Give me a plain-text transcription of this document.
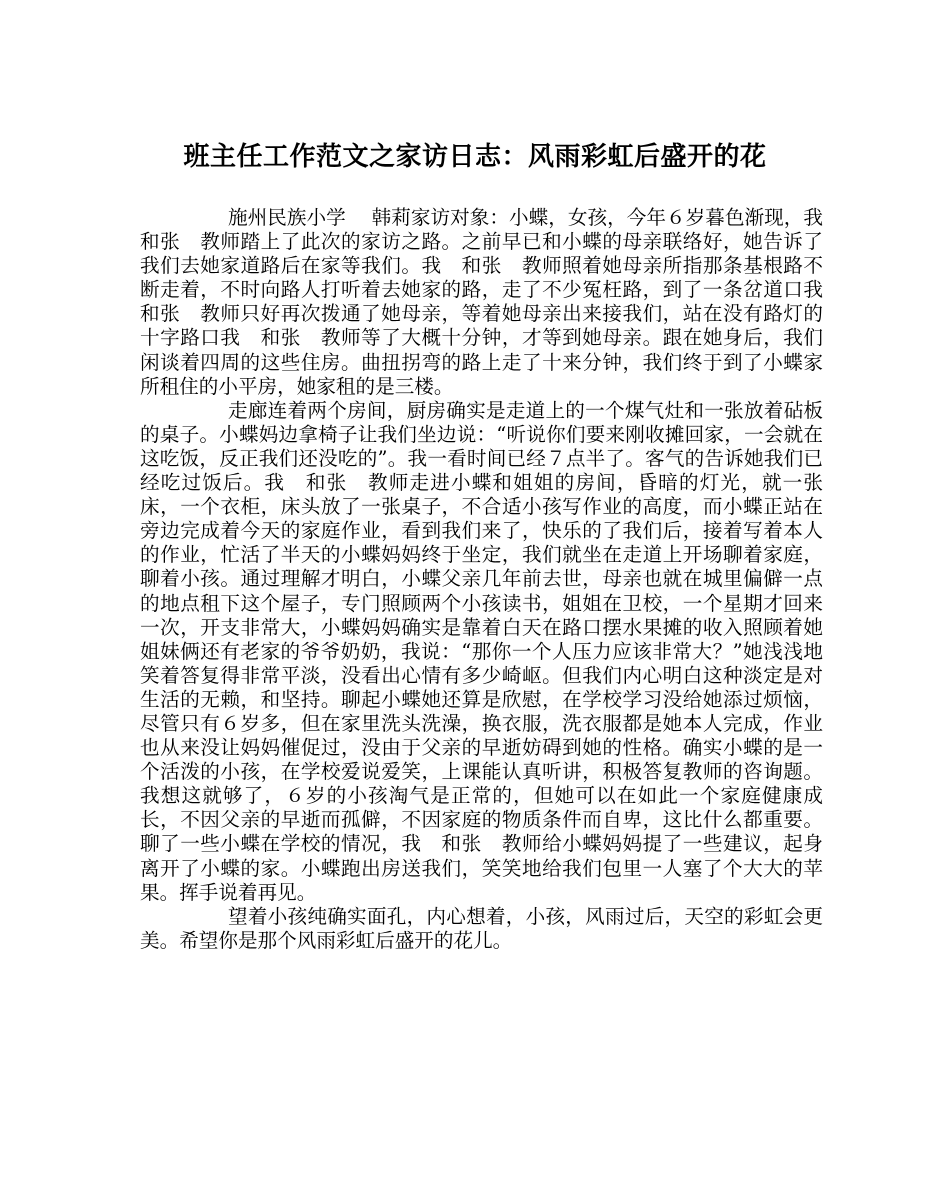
班主任工作范文之家访日志：风雨彩虹后盛开的花

施州民族小学　 韩莉家访对象：小蝶，女孩，今年６岁暮色渐现，我　和张　教师踏上了此次的家访之路。之前早已和小蝶的母亲联络好，她告诉了我们去她家道路后在家等我们。我　和张　教师照着她母亲所指那条基根路不断走着，不时向路人打听着去她家的路，走了不少冤枉路，到了一条岔道口我　和张　教师只好再次拨通了她母亲，等着她母亲出来接我们，站在没有路灯的十字路口我　和张　教师等了大概十分钟，才等到她母亲。跟在她身后，我们闲谈着四周的这些住房。曲扭拐弯的路上走了十来分钟，我们终于到了小蝶家所租住的小平房，她家租的是三楼。

走廊连着两个房间，厨房确实是走道上的一个煤气灶和一张放着砧板的桌子。小蝶妈边拿椅子让我们坐边说：“听说你们要来刚收摊回家，一会就在这吃饭，反正我们还没吃的”。我一看时间已经７点半了。客气的告诉她我们已经吃过饭后。我　和张　教师走进小蝶和姐姐的房间，昏暗的灯光，就一张床，一个衣柜，床头放了一张桌子，不合适小孩写作业的高度，而小蝶正站在旁边完成着今天的家庭作业，看到我们来了，快乐的了我们后，接着写着本人的作业，忙活了半天的小蝶妈妈终于坐定，我们就坐在走道上开场聊着家庭，聊着小孩。通过理解才明白，小蝶父亲几年前去世，母亲也就在城里偏僻一点的地点租下这个屋子，专门照顾两个小孩读书，姐姐在卫校，一个星期才回来一次，开支非常大，小蝶妈妈确实是靠着白天在路口摆水果摊的收入照顾着她姐妹俩还有老家的爷爷奶奶，我说：“那你一个人压力应该非常大？”她浅浅地笑着答复得非常平淡，没看出心情有多少崎岖。但我们内心明白这种淡定是对生活的无赖，和坚持。聊起小蝶她还算是欣慰，在学校学习没给她添过烦恼，尽管只有６岁多，但在家里洗头洗澡，换衣服，洗衣服都是她本人完成，作业也从来没让妈妈催促过，没由于父亲的早逝妨碍到她的性格。确实小蝶的是一个活泼的小孩，在学校爱说爱笑，上课能认真听讲，积极答复教师的咨询题。我想这就够了，６岁的小孩淘气是正常的，但她可以在如此一个家庭健康成长，不因父亲的早逝而孤僻，不因家庭的物质条件而自卑，这比什么都重要。聊了一些小蝶在学校的情况，我　和张　教师给小蝶妈妈提了一些建议，起身离开了小蝶的家。小蝶跑出房送我们，笑笑地给我们包里一人塞了个大大的苹果。挥手说着再见。

望着小孩纯确实面孔，内心想着，小孩，风雨过后，天空的彩虹会更美。希望你是那个风雨彩虹后盛开的花儿。
